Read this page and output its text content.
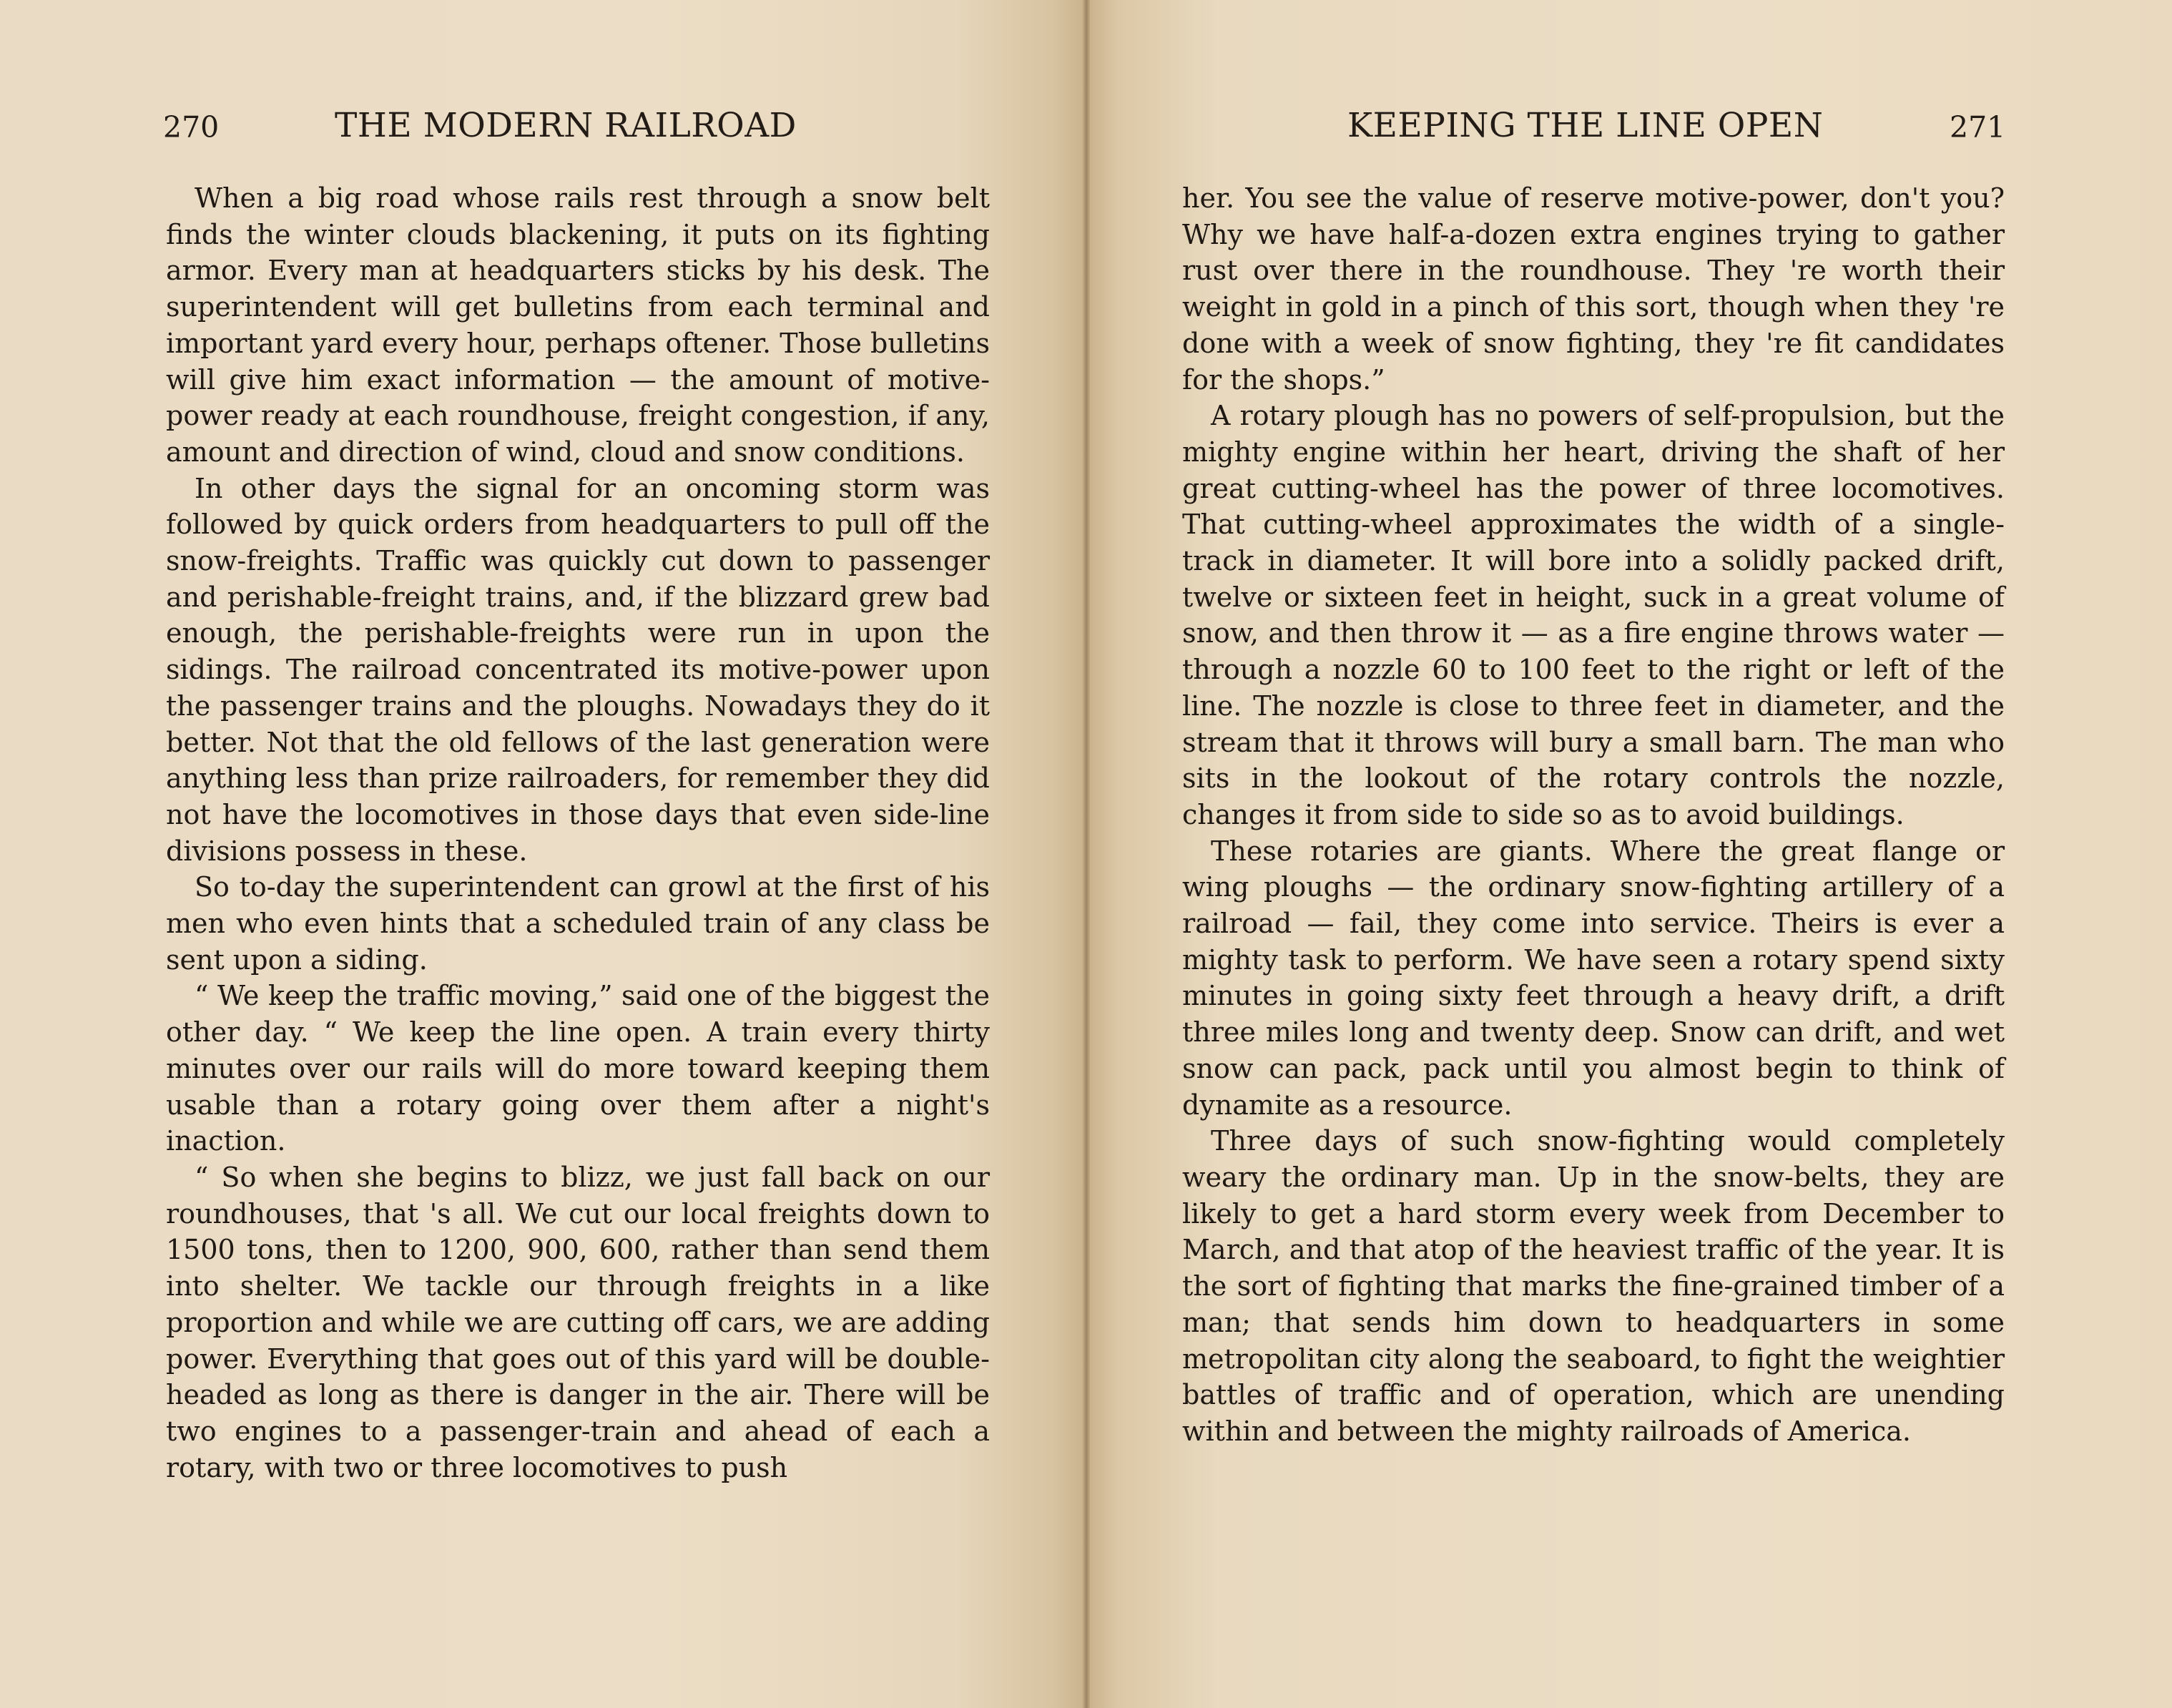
270	THE MODERN RAILROAD

When a big road whose rails rest through a snow belt finds the winter clouds blackening, it puts on its fighting armor. Every man at headquarters sticks by his desk. The superintendent will get bulletins from each terminal and important yard every hour, perhaps oftener. Those bulletins will give him exact information — the amount of motive-power ready at each roundhouse, freight congestion, if any, amount and direction of wind, cloud and snow conditions.

In other days the signal for an oncoming storm was followed by quick orders from headquarters to pull off the snow-freights. Traffic was quickly cut down to passenger and perishable-freight trains, and, if the blizzard grew bad enough, the perishable-freights were run in upon the sidings. The railroad concentrated its motive-power upon the passenger trains and the ploughs. Nowadays they do it better. Not that the old fellows of the last generation were anything less than prize railroaders, for remember they did not have the locomotives in those days that even side-line divisions possess in these.

So to-day the superintendent can growl at the first of his men who even hints that a scheduled train of any class be sent upon a siding.

“ We keep the traffic moving,” said one of the biggest the other day. “ We keep the line open. A train every thirty minutes over our rails will do more toward keeping them usable than a rotary going over them after a night's inaction.

“ So when she begins to blizz, we just fall back on our roundhouses, that 's all. We cut our local freights down to 1500 tons, then to 1200, 900, 600, rather than send them into shelter. We tackle our through freights in a like proportion and while we are cutting off cars, we are adding power. Everything that goes out of this yard will be double-headed as long as there is danger in the air. There will be two engines to a passenger-train and ahead of each a rotary, with two or three locomotives to push

KEEPING THE LINE OPEN	271

her. You see the value of reserve motive-power, don't you? Why we have half-a-dozen extra engines trying to gather rust over there in the roundhouse. They 're worth their weight in gold in a pinch of this sort, though when they 're done with a week of snow fighting, they 're fit candidates for the shops.”

A rotary plough has no powers of self-propulsion, but the mighty engine within her heart, driving the shaft of her great cutting-wheel has the power of three locomotives. That cutting-wheel approximates the width of a single-track in diameter. It will bore into a solidly packed drift, twelve or sixteen feet in height, suck in a great volume of snow, and then throw it — as a fire engine throws water — through a nozzle 60 to 100 feet to the right or left of the line. The nozzle is close to three feet in diameter, and the stream that it throws will bury a small barn. The man who sits in the lookout of the rotary controls the nozzle, changes it from side to side so as to avoid buildings.

These rotaries are giants. Where the great flange or wing ploughs — the ordinary snow-fighting artillery of a railroad — fail, they come into service. Theirs is ever a mighty task to perform. We have seen a rotary spend sixty minutes in going sixty feet through a heavy drift, a drift three miles long and twenty deep. Snow can drift, and wet snow can pack, pack until you almost begin to think of dynamite as a resource.

Three days of such snow-fighting would completely weary the ordinary man. Up in the snow-belts, they are likely to get a hard storm every week from December to March, and that atop of the heaviest traffic of the year. It is the sort of fighting that marks the fine-grained timber of a man; that sends him down to headquarters in some metropolitan city along the seaboard, to fight the weightier battles of traffic and of operation, which are unending within and between the mighty railroads of America.
